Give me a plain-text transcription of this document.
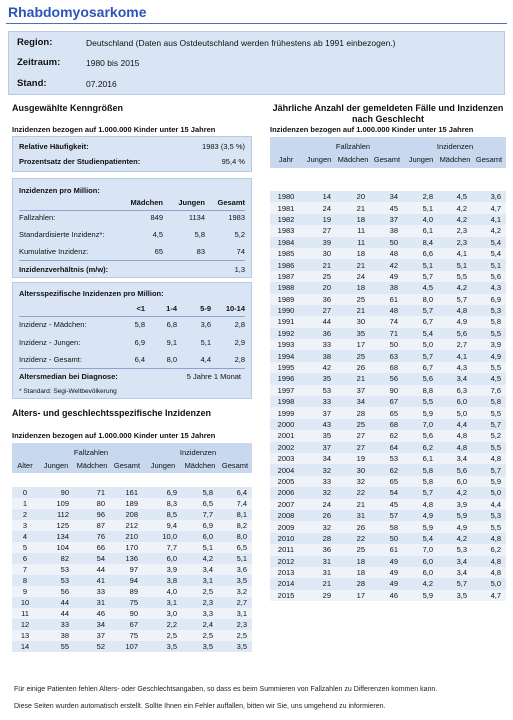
Rhabdomyosarkome
Region:	Deutschland (Daten aus Ostdeutschland werden frühestens ab 1991 einbezogen.)
Zeitraum:	1980 bis 2015
Stand:	07.2016
Ausgewählte Kenngrößen
Inzidenzen bezogen auf 1.000.000 Kinder unter 15 Jahren
Relative Häufigkeit:	1983 (3,5 %)
Prozentsatz der Studienpatienten:	95,4 %
Inzidenzen pro Million:
Mädchen Jungen Gesamt
Fallzahlen:	849	1134	1983
Standardisierte Inzidenz*:	4,5	5,8	5,2
Kumulative Inzidenz:	65	83	74
Inzidenzverhältnis (m/w):	1,3
Altersspezifische Inzidenzen pro Million:
<1	1-4	5-9 10-14
Inzidenz - Mädchen:	5,8	6,8	3,6	2,8
Inzidenz - Jungen:	6,9	9,1	5,1	2,9
Inzidenz - Gesamt:	6,4	8,0	4,4	2,8
Altersmedian bei Diagnose:	5 Jahre 1 Monat
* Standard: Segi-Weltbevölkerung
Alters- und geschlechtsspezifische Inzidenzen
Inzidenzen bezogen auf 1.000.000 Kinder unter 15 Jahren
	Fallzahlen			Inzidenzen		
Alter	Jungen	Mädchen	Gesamt	Jungen	Mädchen	Gesamt

0	90	71	161	6,9	5,8	6,4
1	109	80	189	8,3	6,5	7,4
2	112	96	208	8,5	7,7	8,1
3	125	87	212	9,4	6,9	8,2
4	134	76	210	10,0	6,0	8,0
5	104	66	170	7,7	5,1	6,5
6	82	54	136	6,0	4,2	5,1
7	53	44	97	3,9	3,4	3,6
8	53	41	94	3,8	3,1	3,5
9	56	33	89	4,0	2,5	3,2
10	44	31	75	3,1	2,3	2,7
11	44	46	90	3,0	3,3	3,1
12	33	34	67	2,2	2,4	2,3
13	38	37	75	2,5	2,5	2,5
14	55	52	107	3,5	3,5	3,5
Jährliche Anzahl der gemeldeten Fälle und Inzidenzen
nach Geschlecht
Inzidenzen bezogen auf 1.000.000 Kinder unter 15 Jahren
	Fallzahlen			Inzidenzen		
Jahr	Jungen	Mädchen	Gesamt	Jungen	Mädchen	Gesamt

1980	14	20	34	2,8	4,5	3,6
1981	24	21	45	5,1	4,2	4,7
1982	19	18	37	4,0	4,2	4,1
1983	27	11	38	6,1	2,3	4,2
1984	39	11	50	8,4	2,3	5,4
1985	30	18	48	6,6	4,1	5,4
1986	21	21	42	5,1	5,1	5,1
1987	25	24	49	5,7	5,5	5,6
1988	20	18	38	4,5	4,2	4,3
1989	36	25	61	8,0	5,7	6,9
1990	27	21	48	5,7	4,8	5,3
1991	44	30	74	6,7	4,9	5,8
1992	36	35	71	5,4	5,6	5,5
1993	33	17	50	5,0	2,7	3,9
1994	38	25	63	5,7	4,1	4,9
1995	42	26	68	6,7	4,3	5,5
1996	35	21	56	5,6	3,4	4,5
1997	53	37	90	8,8	6,3	7,6
1998	33	34	67	5,5	6,0	5,8
1999	37	28	65	5,9	5,0	5,5
2000	43	25	68	7,0	4,4	5,7
2001	35	27	62	5,6	4,8	5,2
2002	37	27	64	6,2	4,8	5,5
2003	34	19	53	6,1	3,4	4,8
2004	32	30	62	5,8	5,6	5,7
2005	33	32	65	5,8	6,0	5,9
2006	32	22	54	5,7	4,2	5,0
2007	24	21	45	4,8	3,9	4,4
2008	26	31	57	4,9	5,9	5,3
2009	32	26	58	5,9	4,9	5,5
2010	28	22	50	5,4	4,2	4,8
2011	36	25	61	7,0	5,3	6,2
2012	31	18	49	6,0	3,4	4,8
2013	31	18	49	6,0	3,4	4,8
2014	21	28	49	4,2	5,7	5,0
2015	29	17	46	5,9	3,5	4,7
Für einige Patienten fehlen Alters- oder Geschlechtsangaben, so dass es beim Summieren von Fallzahlen zu Differenzen kommen kann.
Diese Seiten wurden automatisch erstellt. Sollte Ihnen ein Fehler auffallen, bitten wir Sie, uns umgehend zu informieren.
